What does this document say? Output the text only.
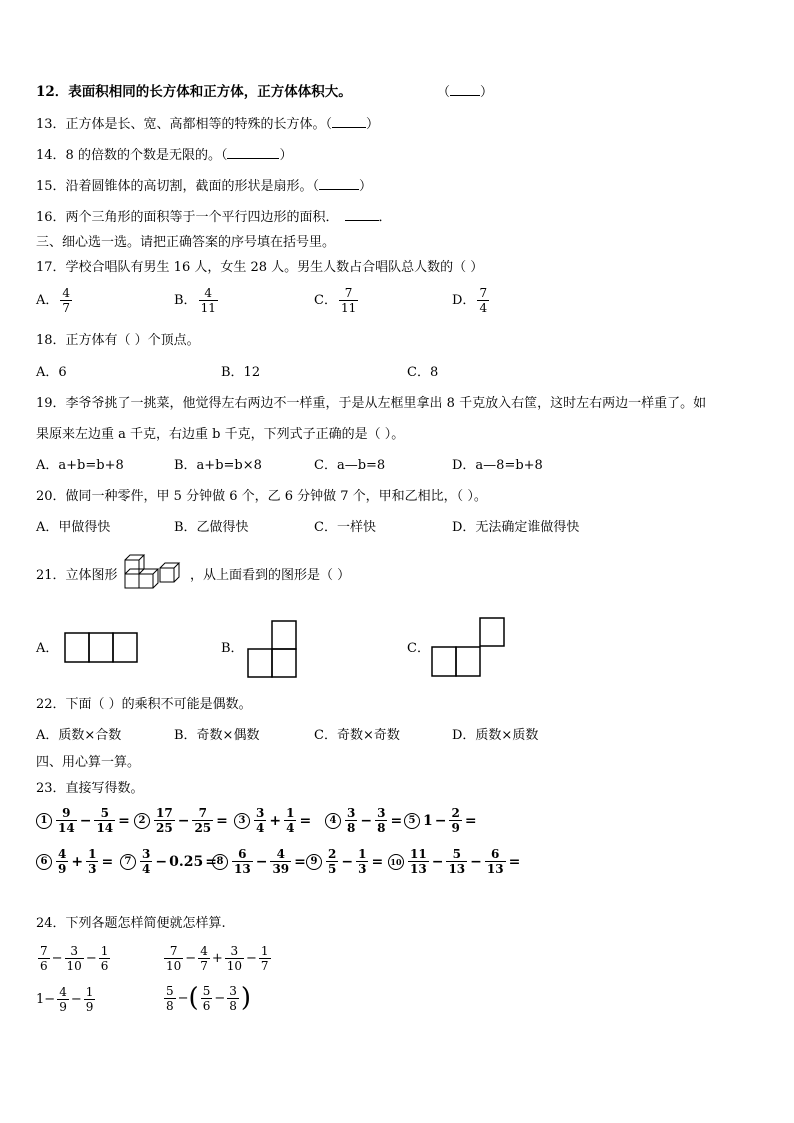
12．表面积相同的长方体和正方体，正方体体积大。	（ ）
13．正方体是长、宽、高都相等的特殊的长方体。（	）
14．8 的倍数的个数是无限的。（	）
15．沿着圆锥体的高切割，截面的形状是扇形。（	）
16．两个三角形的面积等于一个平行四边形的面积．	．
三、细心选一选。请把正确答案的序号填在括号里。
17．学校合唱队有男生 16 人，女生 28 人。男生人数占合唱队总人数的（ ）
A． $\frac{4}{7}$	B． $\frac{4}{11}$	C． $\frac{7}{11}$	D． $\frac{7}{4}$
18．正方体有（ ）个顶点。
A．6	B．12	C．8
19．李爷爷挑了一挑菜，他觉得左右两边不一样重，于是从左框里拿出 8 千克放入右筐，这时左右两边一样重了。如
果原来左边重 a 千克，右边重 b 千克，下列式子正确的是（ ）。
A．a+b=b+8	B．a+b=b×8	C．a—b=8	D．a—8=b+8
20．做同一种零件，甲 5 分钟做 6 个，乙 6 分钟做 7 个，甲和乙相比，（ ）。
A．甲做得快	B．乙做得快	C．一样快	D．无法确定谁做得快
21．立体图形	，从上面看到的图形是（ ）
A．	B．	C．
22．下面（ ）的乘积不可能是偶数。
A．质数×合数	B．奇数×偶数	C．奇数×奇数	D．质数×质数
四、用心算一算。
23．直接写得数。
$1 \frac{9}{14} - \frac{5}{14} = 2 \frac{17}{25} - \frac{7}{25}$ =	$3 \frac{3}{4} + \frac{1}{4}$ =	$4 \frac{3}{8} - \frac{3}{8} = 5$ $1 - \frac{2}{9}$ =
$6 \frac{4}{9} + \frac{1}{3}$ =	$7 \frac{3}{4} - 0.25 = 8 \frac{6}{13} - \frac{4}{39} = 9 \frac{2}{5} - \frac{1}{3} = 10 \frac{11}{13} - \frac{5}{13} - \frac{6}{13}$ =
24．下列各题怎样简便就怎样算.
$\frac{7}{6} - \frac{3}{10} - \frac{1}{6}$	$\frac{7}{10} - \frac{4}{7} + \frac{3}{10} - \frac{1}{7}$
$1 - \frac{4}{9} - \frac{1}{9}$	$\frac{5}{8}$ − ( $\frac{5}{6} - \frac{3}{8}$ )
